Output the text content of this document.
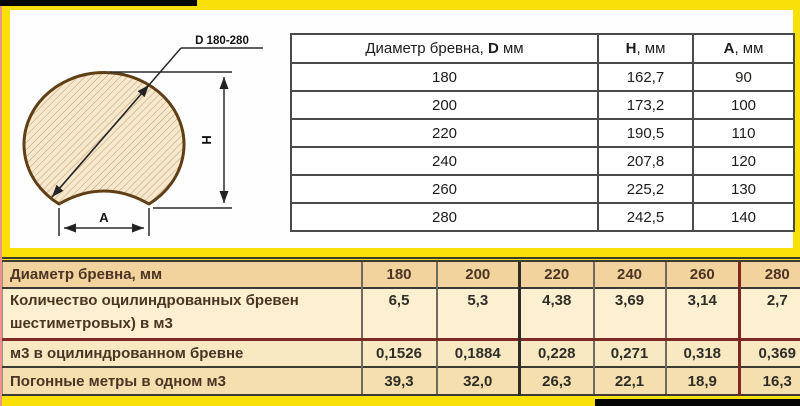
D 180-280
H
A
Диаметр бревна, D мм	H, мм	A, мм
180	162,7	90
200	173,2	100
220	190,5	110
240	207,8	120
260	225,2	130
280	242,5	140
Диаметр бревна, мм	180	200	220	240	260	280

Количество оцилиндрованных бревен
шестиметровых) в м3	6,5	5,3	4,38	3,69	3,14	2,7
м3 в оцилиндрованном бревне	0,1526	0,1884	0,228	0,271	0,318	0,369
Погонные метры в одном м3	39,3	32,0	26,3	22,1	18,9	16,3
